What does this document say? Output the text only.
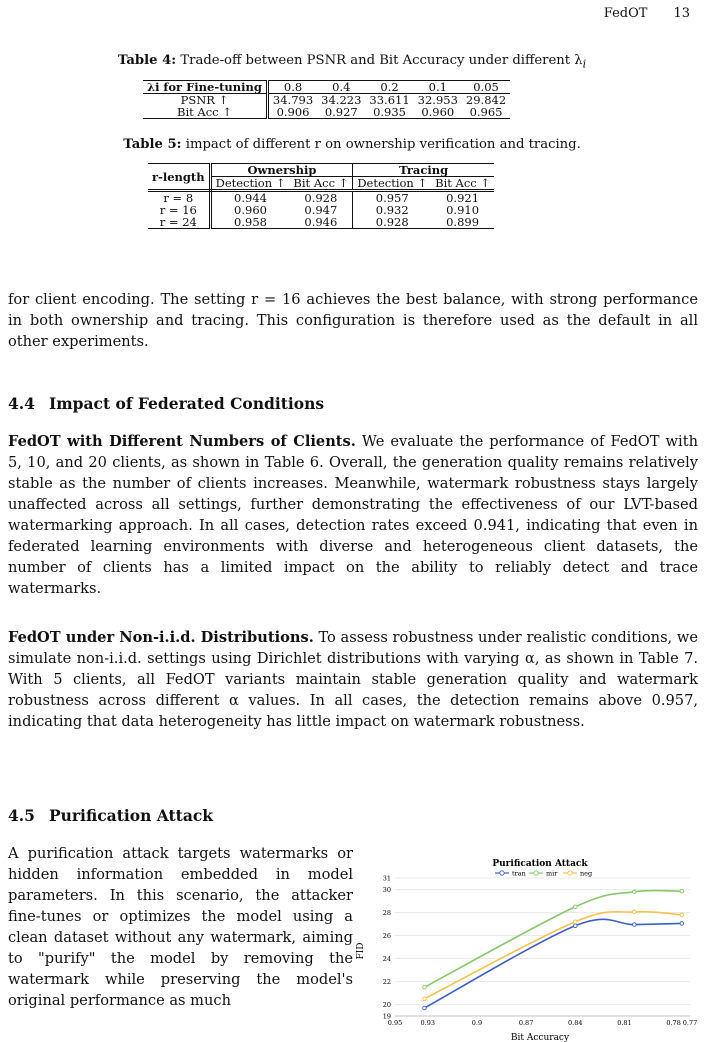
FedOT 13
Table 4: Trade-off between PSNR and Bit Accuracy under different $\lambda_i$
λi for Fine-tuning	0.8	0.4	0.2	0.1	0.05
PSNR ↑	34.793	34.223	33.611	32.953	29.842
Bit Acc ↑	0.906	0.927	0.935	0.960	0.965
Table 5: impact of different r on ownership verification and tracing.
r-length	Ownership		Tracing	
	Detection ↑	Bit Acc ↑	Detection ↑	Bit Acc ↑
r = 8	0.944	0.928	0.957	0.921
r = 16	0.960	0.947	0.932	0.910
r = 24	0.958	0.946	0.928	0.899
for client encoding. The setting r = 16 achieves the best balance, with strong performance in both ownership and tracing. This configuration is therefore used as the default in all other experiments.
4.4 Impact of Federated Conditions
FedOT with Different Numbers of Clients. We evaluate the performance of FedOT with 5, 10, and 20 clients, as shown in Table 6. Overall, the generation quality remains relatively stable as the number of clients increases. Meanwhile, watermark robustness stays largely unaffected across all settings, further demonstrating the effectiveness of our LVT-based watermarking approach. In all cases, detection rates exceed 0.941, indicating that even in federated learning environments with diverse and heterogeneous client datasets, the number of clients has a limited impact on the ability to reliably detect and trace watermarks.
FedOT under Non-i.i.d. Distributions. To assess robustness under realistic conditions, we simulate non-i.i.d. settings using Dirichlet distributions with varying α, as shown in Table 7. With 5 clients, all FedOT variants maintain stable generation quality and watermark robustness across different α values. In all cases, the detection remains above 0.957, indicating that data heterogeneity has little impact on watermark robustness.
4.5 Purification Attack
A purification attack targets watermarks or hidden information embedded in model parameters. In this scenario, the attacker fine-tunes or optimizes the model using a clean dataset without any watermark, aiming to "purify" the model by removing the watermark while preserving the model's original performance as much
Purification Attack
tran	mir	neg
19
20
22
24
26
28
30
31
0.95	0.93	0.9	0.87	0.84	0.81	0.78 0.77
Bit Accuracy
FID
